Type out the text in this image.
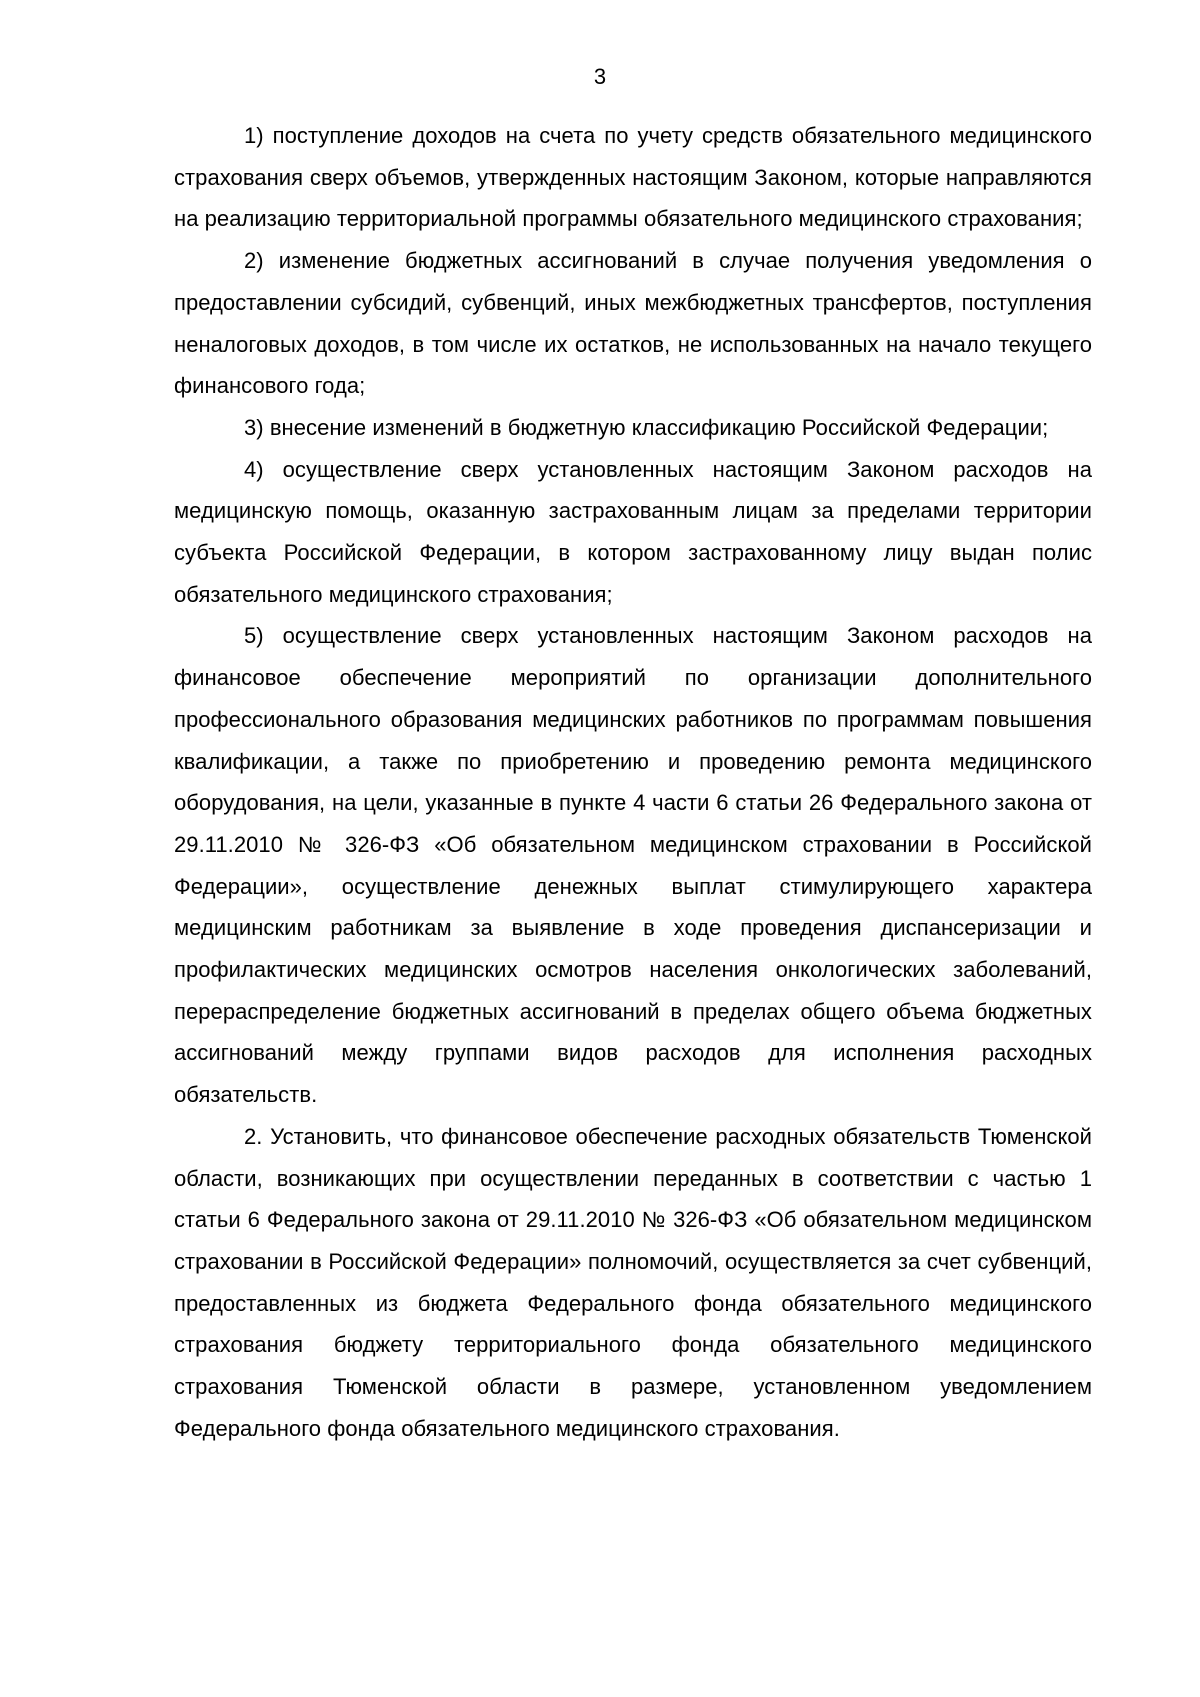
3

1) поступление доходов на счета по учету средств обязательного медицинского страхования сверх объемов, утвержденных настоящим Законом, которые направляются на реализацию территориальной программы обязательного медицинского страхования;

2) изменение бюджетных ассигнований в случае получения уведомления о предоставлении субсидий, субвенций, иных межбюджетных трансфертов, поступления неналоговых доходов, в том числе их остатков, не использованных на начало текущего финансового года;

3) внесение изменений в бюджетную классификацию Российской Федерации;

4) осуществление сверх установленных настоящим Законом расходов на медицинскую помощь, оказанную застрахованным лицам за пределами территории субъекта Российской Федерации, в котором застрахованному лицу выдан полис обязательного медицинского страхования;

5) осуществление сверх установленных настоящим Законом расходов на финансовое обеспечение мероприятий по организации дополнительного профессионального образования медицинских работников по программам повышения квалификации, а также по приобретению и проведению ремонта медицинского оборудования, на цели, указанные в пункте 4 части 6 статьи 26 Федерального закона от 29.11.2010 № 326-ФЗ «Об обязательном медицинском страховании в Российской Федерации», осуществление денежных выплат стимулирующего характера медицинским работникам за выявление в ходе проведения диспансеризации и профилактических медицинских осмотров населения онкологических заболеваний, перераспределение бюджетных ассигнований в пределах общего объема бюджетных ассигнований между группами видов расходов для исполнения расходных обязательств.

2. Установить, что финансовое обеспечение расходных обязательств Тюменской области, возникающих при осуществлении переданных в соответствии с частью 1 статьи 6 Федерального закона от 29.11.2010 № 326-ФЗ «Об обязательном медицинском страховании в Российской Федерации» полномочий, осуществляется за счет субвенций, предоставленных из бюджета Федерального фонда обязательного медицинского страхования бюджету территориального фонда обязательного медицинского страхования Тюменской области в размере, установленном уведомлением Федерального фонда обязательного медицинского страхования.
